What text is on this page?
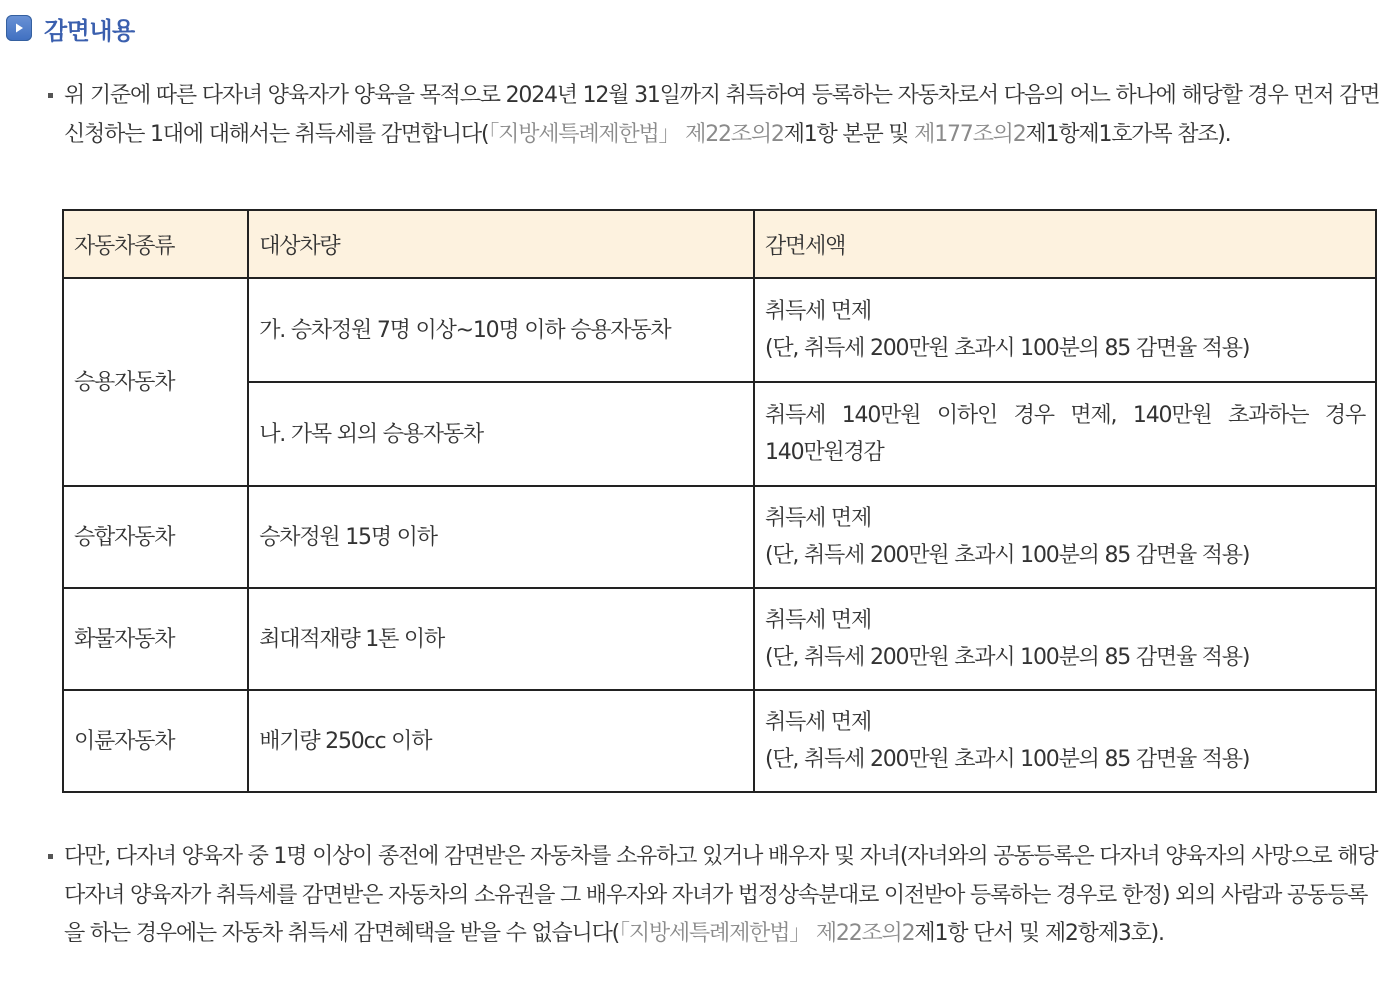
감면내용
위 기준에 따른 다자녀 양육자가 양육을 목적으로 2024년 12월 31일까지 취득하여 등록하는 자동차로서 다음의 어느 하나에 해당할 경우 먼저 감면 신청하는 1대에 대해서는 취득세를 감면합니다(「지방세특례제한법」 제22조의2제1항 본문 및 제177조의2제1항제1호가목 참조).
자동차종류	대상차량	감면세액
승용자동차	가. 승차정원 7명 이상~10명 이하 승용자동차	취득세 면제
(단, 취득세 200만원 초과시 100분의 85 감면율 적용)

	나. 가목 외의 승용자동차	취득세 140만원 이하인 경우 면제, 140만원 초과하는 경우 140만원경감

승합자동차	승차정원 15명 이하	취득세 면제
(단, 취득세 200만원 초과시 100분의 85 감면율 적용)

화물자동차	최대적재량 1톤 이하	취득세 면제
(단, 취득세 200만원 초과시 100분의 85 감면율 적용)

이륜자동차	배기량 250cc 이하	취득세 면제
(단, 취득세 200만원 초과시 100분의 85 감면율 적용)
다만, 다자녀 양육자 중 1명 이상이 종전에 감면받은 자동차를 소유하고 있거나 배우자 및 자녀(자녀와의 공동등록은 다자녀 양육자의 사망으로 해당 다자녀 양육자가 취득세를 감면받은 자동차의 소유권을 그 배우자와 자녀가 법정상속분대로 이전받아 등록하는 경우로 한정) 외의 사람과 공동등록을 하는 경우에는 자동차 취득세 감면혜택을 받을 수 없습니다(「지방세특례제한법」 제22조의2제1항 단서 및 제2항제3호).
